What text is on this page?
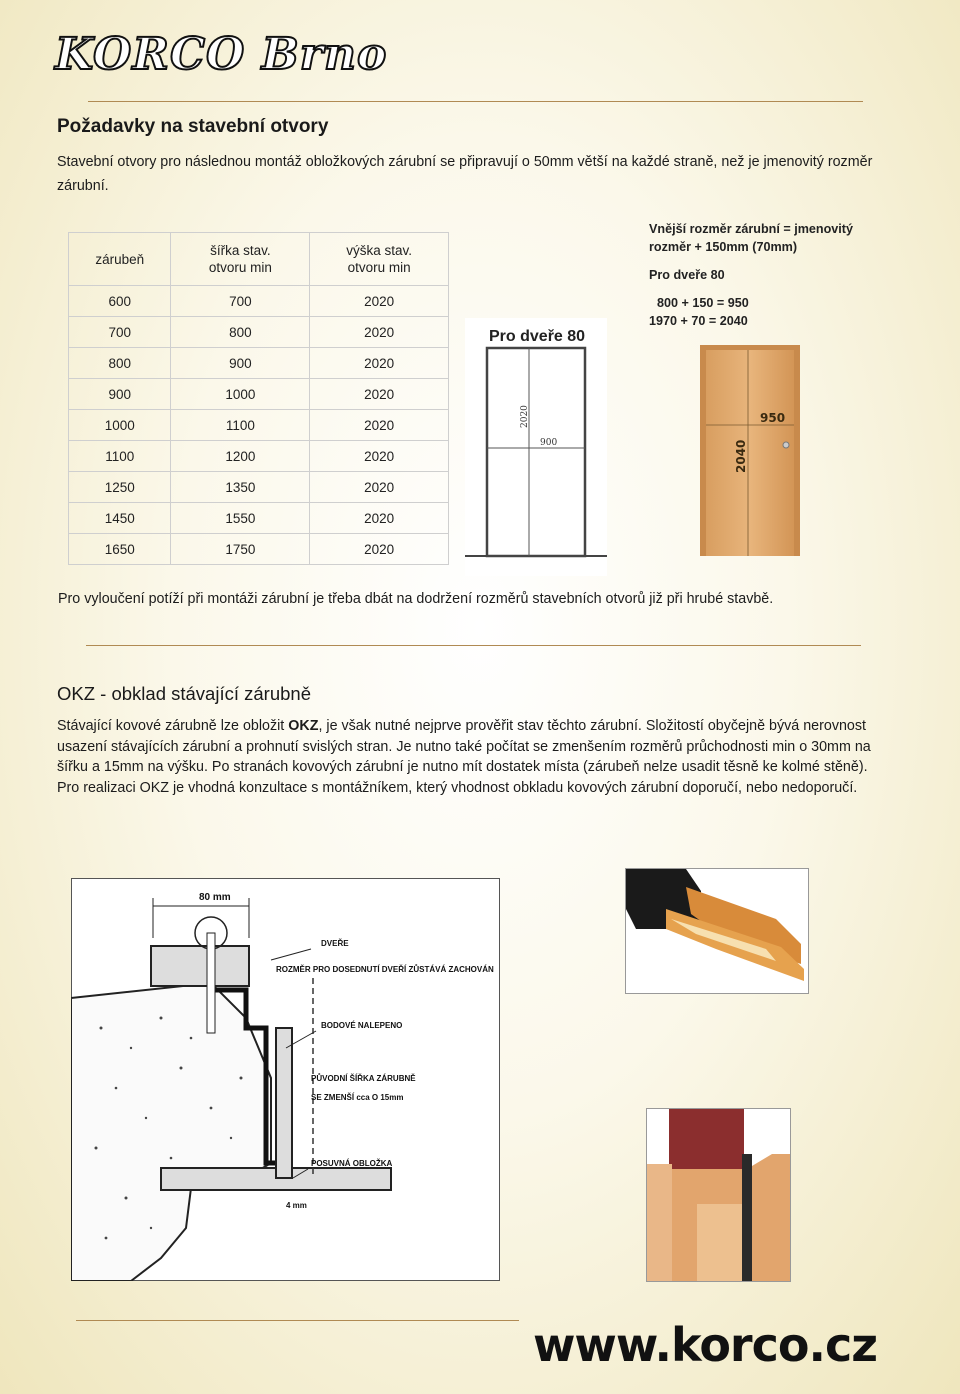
KORCO Brno
Požadavky na stavební otvory
Stavební otvory pro následnou montáž obložkových zárubní se připravují o 50mm větší na každé straně, než je jmenovitý rozměr zárubní.
zárubeň	šířka stav. otvoru min	výška stav. otvoru min
600	700	2020
700	800	2020
800	900	2020
900	1000	2020
1000	1100	2020
1100	1200	2020
1250	1350	2020
1450	1550	2020
1650	1750	2020
Pro dveře 80
2020
900
Vnější rozměr zárubní = jmenovitý rozměr + 150mm (70mm)
Pro dveře 80
800 + 150 = 950
1970 + 70 = 2040
950
2040
Pro vyloučení potíží při montáži zárubní je třeba dbát na dodržení rozměrů stavebních otvorů již při hrubé stavbě.
OKZ - obklad stávající zárubně
Stávající kovové zárubně lze obložit OKZ, je však nutné nejprve prověřit stav těchto zárubní. Složitostí obyčejně bývá nerovnost usazení stávajících zárubní a prohnutí svislých stran. Je nutno také počítat se zmenšením rozměrů průchodnosti min o 30mm na šířku a 15mm na výšku. Po stranách kovových zárubní je nutno mít dostatek místa (zárubeň nelze usadit těsně ke kolmé stěně). Pro realizaci OKZ je vhodná konzultace s montážníkem, který vhodnost obkladu kovových zárubní doporučí, nebo nedoporučí.
80 mm
DVEŘE
ROZMĚR PRO DOSEDNUTÍ DVEŘÍ ZŮSTÁVÁ ZACHOVÁN
BODOVÉ NALEPENO
PŮVODNÍ ŠÍŘKA ZÁRUBNĚ
SE ZMENŠÍ cca O 15mm
POSUVNÁ OBLOŽKA
4 mm
www.korco.cz
